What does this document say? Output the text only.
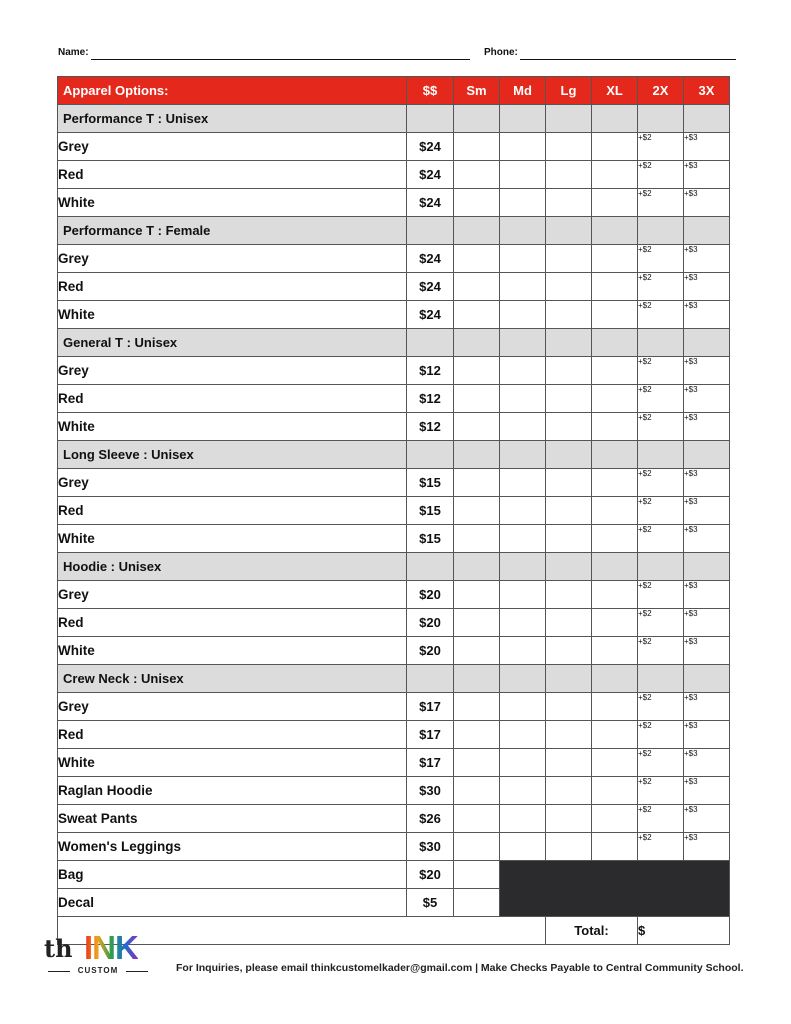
Name:	Phone:
Apparel Options:	$$	Sm	Md	Lg	XL	2X	3X
Performance T : Unisex							
Grey	$24					+$2	+$3
Red	$24					+$2	+$3
White	$24					+$2	+$3
Performance T : Female							
Grey	$24					+$2	+$3
Red	$24					+$2	+$3
White	$24					+$2	+$3
General T : Unisex							
Grey	$12					+$2	+$3
Red	$12					+$2	+$3
White	$12					+$2	+$3
Long Sleeve : Unisex							
Grey	$15					+$2	+$3
Red	$15					+$2	+$3
White	$15					+$2	+$3
Hoodie : Unisex							
Grey	$20					+$2	+$3
Red	$20					+$2	+$3
White	$20					+$2	+$3
Crew Neck : Unisex							
Grey	$17					+$2	+$3
Red	$17					+$2	+$3
White	$17					+$2	+$3
Raglan Hoodie	$30					+$2	+$3
Sweat Pants	$26					+$2	+$3
Women's Leggings	$30					+$2	+$3
Bag	$20						
Decal	$5						
				Total:		$	
th INK
CUSTOM	For Inquiries, please email thinkcustomelkader@gmail.com | Make Checks Payable to Central Community School.
